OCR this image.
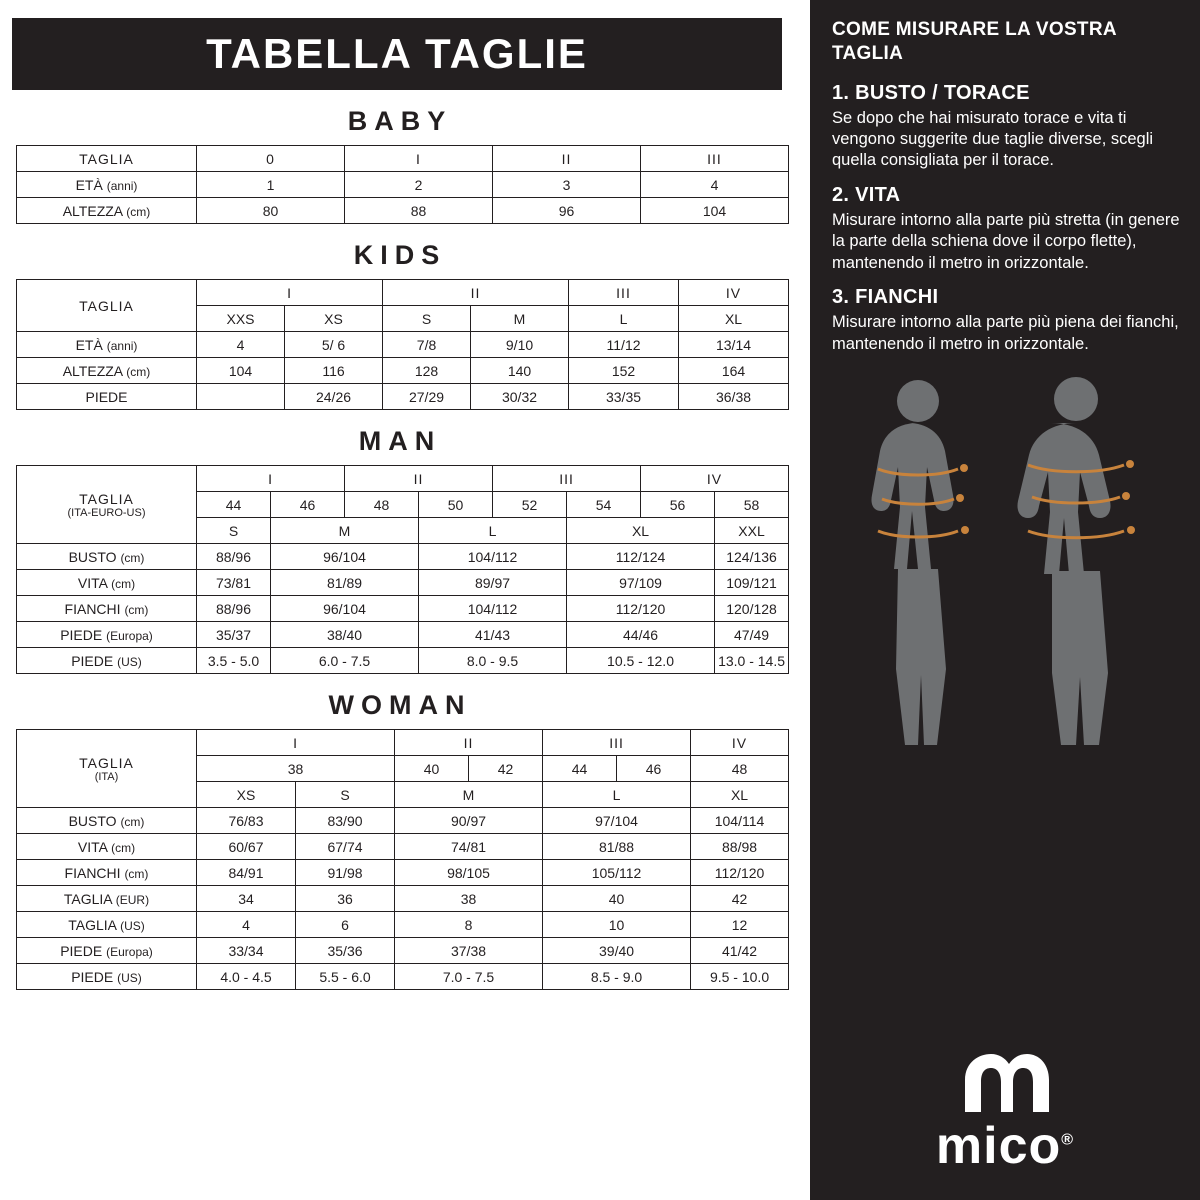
TABELLA TAGLIE
BABY
TAGLIA	0	I	II	III
ETÀ (anni)	1	2	3	4
ALTEZZA (cm)	80	88	96	104
KIDS
TAGLIA	I		II		III	IV
	XXS	XS	S	M	L	XL
ETÀ (anni)	4	5/ 6	7/8	9/10	11/12	13/14
ALTEZZA (cm)	104	116	128	140	152	164
PIEDE		24/26	27/29	30/32	33/35	36/38
MAN
TAGLIA
(ITA-EURO-US)	I		II		III		IV	
	44	46	48	50	52	54	56	58
	S	M		L		XL		XXL
BUSTO (cm)	88/96	96/104		104/112		112/124		124/136
VITA (cm)	73/81	81/89		89/97		97/109		109/121
FIANCHI (cm)	88/96	96/104		104/112		112/120		120/128
PIEDE (Europa)	35/37	38/40		41/43		44/46		47/49
PIEDE (US)	3.5 - 5.0	6.0 - 7.5		8.0 - 9.5		10.5 - 12.0		13.0 - 14.5
WOMAN
TAGLIA
(ITA)	I		II		III		IV
	38		40	42	44	46	48
	XS	S	M		L		XL
BUSTO (cm)	76/83	83/90	90/97		97/104		104/114
VITA (cm)	60/67	67/74	74/81		81/88		88/98
FIANCHI (cm)	84/91	91/98	98/105		105/112		112/120
TAGLIA (EUR)	34	36	38		40		42
TAGLIA (US)	4	6	8		10		12
PIEDE (Europa)	33/34	35/36	37/38		39/40		41/42
PIEDE (US)	4.0 - 4.5	5.5 - 6.0	7.0 - 7.5		8.5 - 9.0		9.5 - 10.0
COME MISURARE LA VOSTRA TAGLIA
1. BUSTO / TORACE

Se dopo che hai misurato torace e vita ti vengono suggerite due taglie diverse, scegli quella consigliata per il torace.

2. VITA

Misurare intorno alla parte più stretta (in genere la parte della schiena dove il corpo flette), mantenendo il metro in orizzontale.

3. FIANCHI

Misurare intorno alla parte più piena dei fianchi, mantenendo il metro in orizzontale.

mico®
